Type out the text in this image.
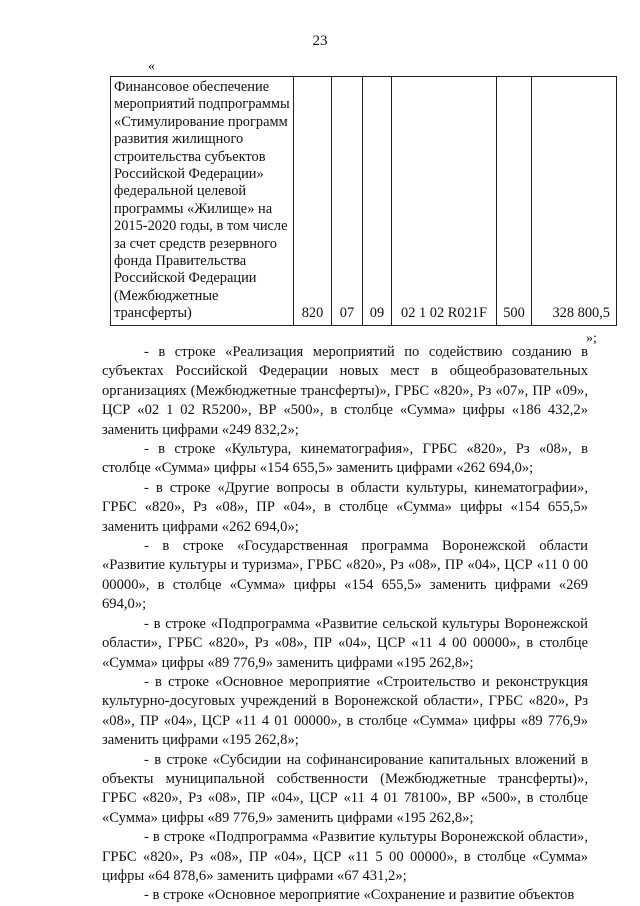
23
«
Финансовое обеспечение мероприятий подпрограммы «Стимулирование программ развития жилищного строительства субъектов Российской Федерации» федеральной целевой программы «Жилище» на 2015-2020 годы, в том числе за счет средств резервного фонда Правительства Российской Федерации (Межбюджетные трансферты)	820	07	09	02 1 02 R021F	500	328 800,5
»;

- в строке «Реализация мероприятий по содействию созданию в субъектах Российской Федерации новых мест в общеобразовательных организациях (Межбюджетные трансферты)», ГРБС «820», Рз «07», ПР «09», ЦСР «02 1 02 R5200», ВР «500», в столбце «Сумма» цифры «186 432,2» заменить цифрами «249 832,2»;

- в строке «Культура, кинематография», ГРБС «820», Рз «08», в столбце «Сумма» цифры «154 655,5» заменить цифрами «262 694,0»;

- в строке «Другие вопросы в области культуры, кинематографии», ГРБС «820», Рз «08», ПР «04», в столбце «Сумма» цифры «154 655,5» заменить цифрами «262 694,0»;

- в строке «Государственная программа Воронежской области «Развитие культуры и туризма», ГРБС «820», Рз «08», ПР «04», ЦСР «11 0 00 00000», в столбце «Сумма» цифры «154 655,5» заменить цифрами «269 694,0»;

- в строке «Подпрограмма «Развитие сельской культуры Воронежской области», ГРБС «820», Рз «08», ПР «04», ЦСР «11 4 00 00000», в столбце «Сумма» цифры «89 776,9» заменить цифрами «195 262,8»;

- в строке «Основное мероприятие «Строительство и реконструкция культурно-досуговых учреждений в Воронежской области», ГРБС «820», Рз «08», ПР «04», ЦСР «11 4 01 00000», в столбце «Сумма» цифры «89 776,9» заменить цифрами «195 262,8»;

- в строке «Субсидии на софинансирование капитальных вложений в объекты муниципальной собственности (Межбюджетные трансферты)», ГРБС «820», Рз «08», ПР «04», ЦСР «11 4 01 78100», ВР «500», в столбце «Сумма» цифры «89 776,9» заменить цифрами «195 262,8»;

- в строке «Подпрограмма «Развитие культуры Воронежской области», ГРБС «820», Рз «08», ПР «04», ЦСР «11 5 00 00000», в столбце «Сумма» цифры «64 878,6» заменить цифрами «67 431,2»;

- в строке «Основное мероприятие «Сохранение и развитие объектов
